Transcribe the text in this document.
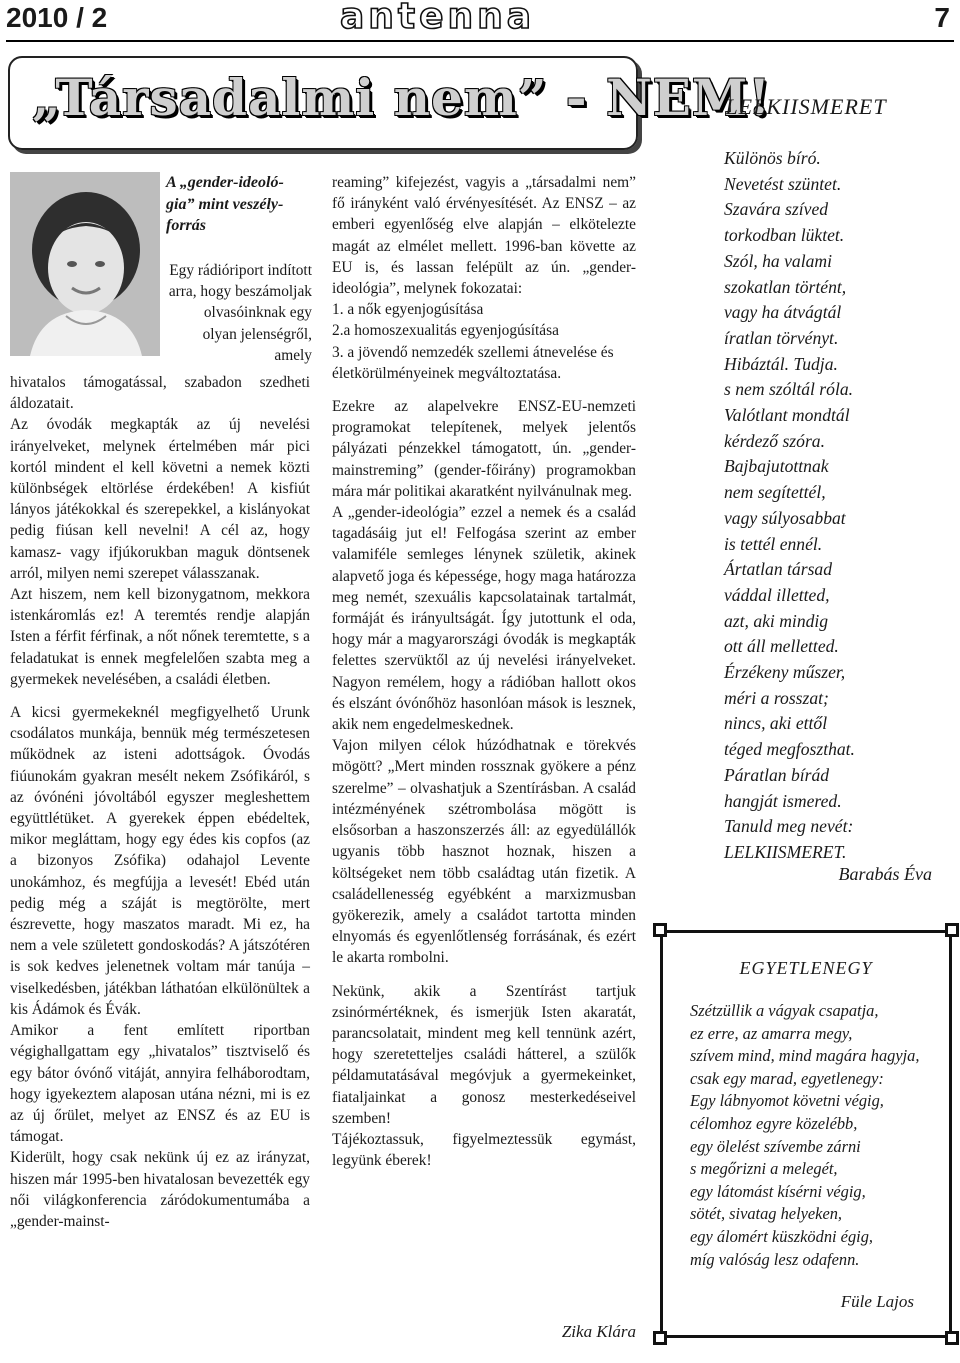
2010 / 2	antenna	7
„Társadalmi nem” - NEM!
A „gender-ideoló-gia” mint veszély-forrás
Egy rádióriport indított arra, hogy beszámoljak olvasóinknak egy olyan jelenségről, amely

hivatalos támogatással, szabadon szedheti áldozatait.

Az óvodák megkapták az új nevelési irányelveket, melynek értelmében már pici kortól mindent el kell követni a nemek közti különbségek eltörlése érdekében! A kisfiút lányos játékokkal és szerepekkel, a kislányokat pedig fiúsan kell nevelni! A cél az, hogy kamasz- vagy ifjúkorukban maguk döntsenek arról, milyen nemi szerepet válasszanak.

Azt hiszem, nem kell bizonygatnom, mekkora istenkáromlás ez! A teremtés rendje alapján Isten a férfit férfinak, a nőt nőnek teremtette, s a feladatukat is ennek megfelelően szabta meg a gyermekek nevelésében, a családi életben.

A kicsi gyermekeknél megfigyelhető Urunk csodálatos munkája, bennük még természetesen működnek az isteni adottságok. Óvodás fiúunokám gyakran mesélt nekem Zsófikáról, s az óvónéni jóvoltából egyszer megleshettem együttlétüket. A gyerekek éppen ebédeltek, mikor megláttam, hogy egy édes kis copfos (az a bizonyos Zsófika) odahajol Levente unokámhoz, és megfújja a levesét! Ebéd után pedig még a száját is megtörölte, mert észrevette, hogy maszatos maradt. Mi ez, ha nem a vele született gondoskodás? A játszótéren is sok kedves jelenetnek voltam már tanúja – viselkedésben, játékban láthatóan elkülönültek a kis Ádámok és Évák.

Amikor a fent említett riportban végighallgattam egy „hivatalos” tisztviselő és egy bátor óvónő vitáját, annyira felháborodtam, hogy igyekeztem alaposan utána nézni, mi is ez az új őrület, melyet az ENSZ és az EU is támogat.

Kiderült, hogy csak nekünk új ez az irányzat, hiszen már 1995-ben hivatalosan bevezették egy női világkonferencia záródokumentumába a „gender-mainst-

reaming” kifejezést, vagyis a „társadalmi nem” fő irányként való érvényesítését. Az ENSZ – az emberi egyenlőség elve alapján – elkötelezte magát az elmélet mellett. 1996-ban követte az EU is, és lassan felépült az ún. „gender-ideológia”, melynek fokozatai:

1. a nők egyenjogúsítása

2.a homoszexualitás egyenjogúsítása

3. a jövendő nemzedék szellemi átnevelése és életkörülményeinek megváltoztatása.

Ezekre az alapelvekre ENSZ-EU-nemzeti programokat telepítenek, melyek jelentős pályázati pénzekkel támogatott, ún. „gender-mainstreming” (gender-főirány) programokban mára már politikai akaratként nyilvánulnak meg.

A „gender-ideológia” ezzel a nemek és a család tagadásáig jut el! Felfogása szerint az ember valamiféle semleges lénynek születik, akinek alapvető joga és képessége, hogy maga határozza meg nemét, szexuális kapcsolatainak tartalmát, formáját és irányultságát. Így jutottunk el oda, hogy már a magyarországi óvodák is megkapták felettes szervüktől az új nevelési irányelveket. Nagyon remélem, hogy a rádióban hallott okos és elszánt óvónőhöz hasonlóan mások is lesznek, akik nem engedelmeskednek.

Vajon milyen célok húzódhatnak e törekvés mögött? „Mert minden rossznak gyökere a pénz szerelme” – olvashatjuk a Szentírásban. A család intézményének szétrombolása mögött is elsősorban a haszonszerzés áll: az egyedülállók ugyanis több hasznot hoznak, hiszen a költségeket nem több családtag után fizetik. A családellenesség egyébként a marxizmusban gyökerezik, amely a családot tartotta minden elnyomás és egyenlőtlenség forrásának, és ezért le akarta rombolni.

Nekünk, akik a Szentírást tartjuk zsinórmértéknek, és ismerjük Isten akaratát, parancsolatait, mindent meg kell tennünk azért, hogy szeretetteljes családi hátterel, a szülők példamutatásával megóvjuk a gyermekeinket, fiataljainkat a gonosz mesterkedéseivel szemben!

Tájékoztassuk, figyelmeztessük egymást, legyünk éberek!

Zika Klára
LELKIISMERET
Különös bíró.
Nevetést szüntet.
Szavára szíved
torkodban lüktet.
Szól, ha valami
szokatlan történt,
vagy ha átvágtál
íratlan törvényt.
Hibáztál. Tudja.
s nem szóltál róla.
Valótlant mondtál
kérdező szóra.
Bajbajutottnak
nem segítettél,
vagy súlyosabbat
is tettél ennél.
Ártatlan társad
váddal illetted,
azt, aki mindig
ott áll melletted.
Érzékeny műszer,
méri a rosszat;
nincs, aki ettől
téged megfoszthat.
Páratlan bírád
hangját ismered.
Tanuld meg nevét:
LELKIISMERET.
Barabás Éva
EGYETLENEGY
Szétzüllik a vágyak csapatja,
ez erre, az amarra megy,
szívem mind, mind magára hagyja,
csak egy marad, egyetlenegy:
Egy lábnyomot követni végig,
célomhoz egyre közelébb,
egy ölelést szívembe zárni
s megőrizni a melegét,
egy látomást kísérni végig,
sötét, sivatag helyeken,
egy álomért küszködni égig,
míg valóság lesz odafenn.
Füle Lajos
